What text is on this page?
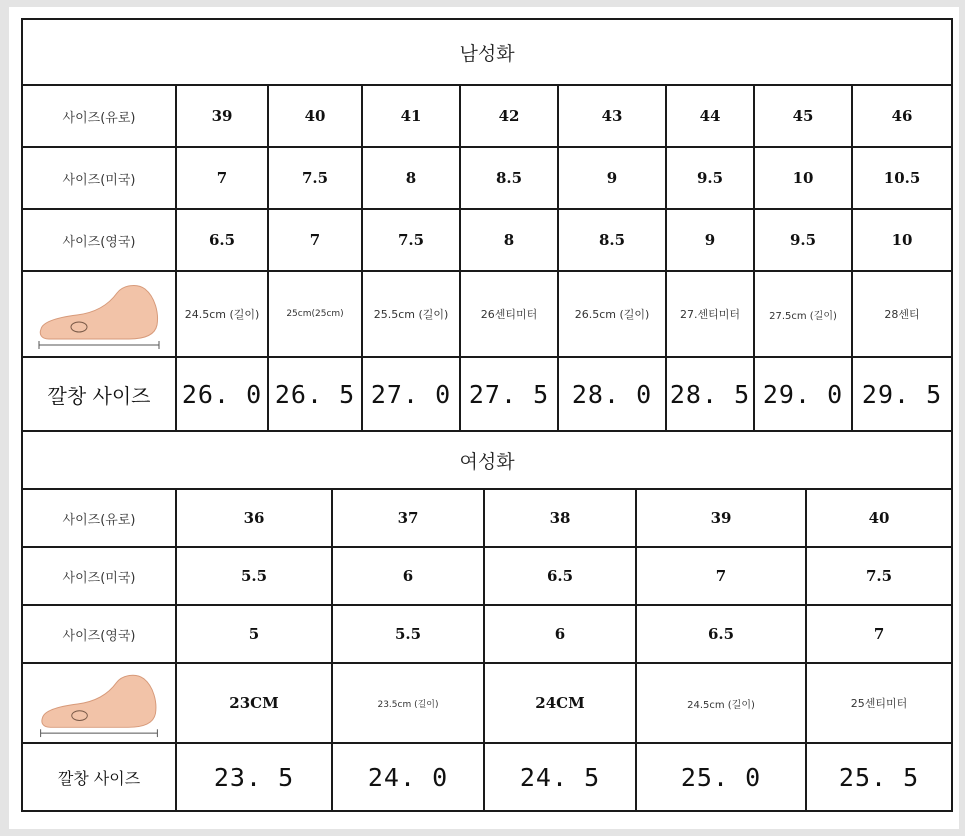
남성화								
사이즈(유로)	39	40	41	42	43	44	45	46
사이즈(미국)	7	7.5	8	8.5	9	9.5	10	10.5
사이즈(영국)	6.5	7	7.5	8	8.5	9	9.5	10

	24.5cm (길이)	25cm(25cm)	25.5cm (길이)	26센티미터	26.5cm (길이)	27.센티미터	27.5cm (길이)	28센티
깔창 사이즈	26. 0	26. 5	27. 0	27. 5	28. 0	28. 5	29. 0	29. 5
여성화					
사이즈(유로)	36	37	38	39	40
사이즈(미국)	5.5	6	6.5	7	7.5
사이즈(영국)	5	5.5	6	6.5	7

	23CM	23.5cm (길이)	24CM	24.5cm (길이)	25센티미터
깔창 사이즈	23. 5	24. 0	24. 5	25. 0	25. 5
